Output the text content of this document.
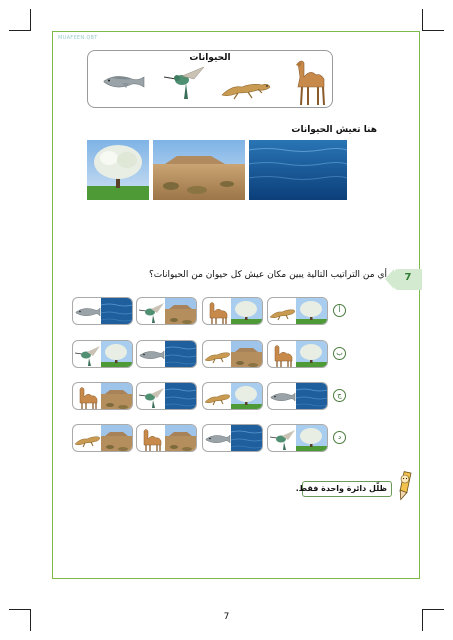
MUAFEEN.QBT
الحيوانات
هنا تعيش الحيوانات
7
أي من التراتيب التالية يبين مكان عيش كل حيوان من الحيوانات؟
أ
ب
ج
د
ظلّل دائرة واحدة فقط.
7
